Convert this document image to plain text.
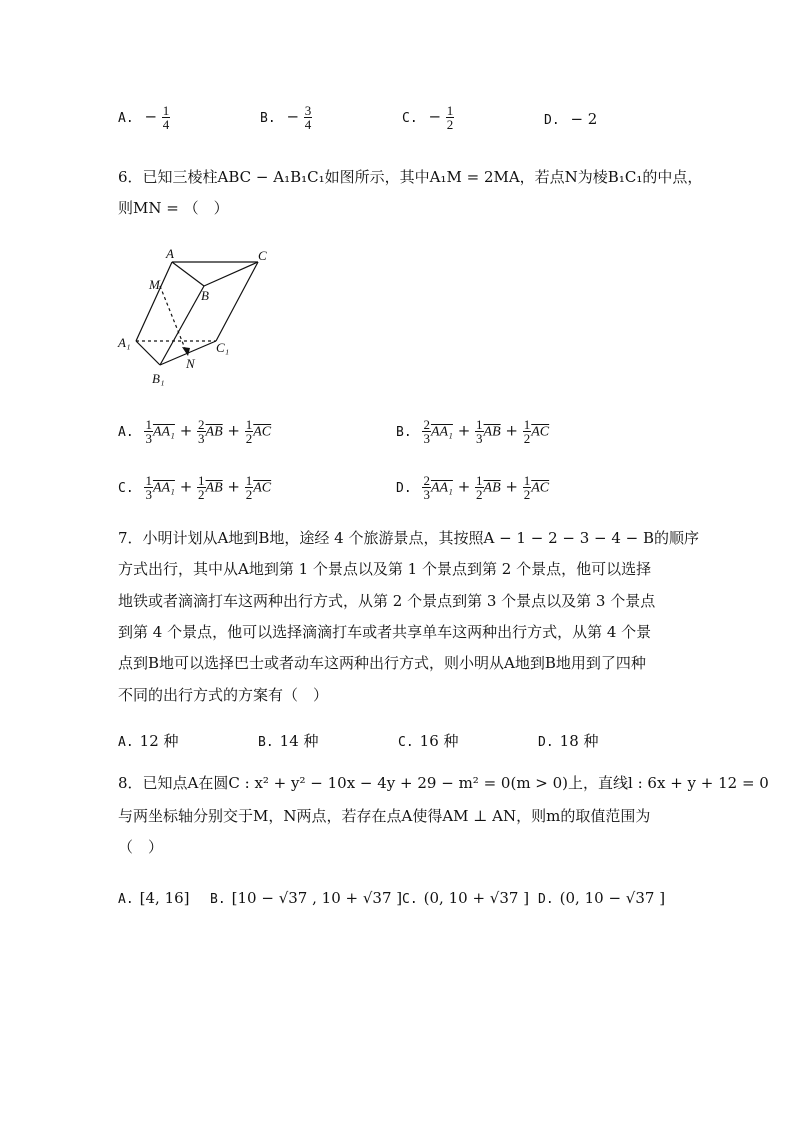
A. − $\frac{1}{4}$	B. − $\frac{3}{4}$	C. − $\frac{1}{2}$	D. − 2
6．已知三棱柱ABC − A₁B₁C₁如图所示，其中A₁M = 2MA，若点N为棱B₁C₁的中点，
则MN = （　）
A	C
B
M
A₁	C₁
N
B₁
A. $\frac{1}{3} AA_1 + \frac{2}{3} \overline{AB} + \frac{1}{2} \overline{AC}$	B. $\frac{2}{3} AA_1 + \frac{1}{3} \overline{AB} + \frac{1}{2} \overline{AC}$
C. $\frac{1}{3} AA_1 + \frac{1}{2} \overline{AB} + \frac{1}{2} \overline{AC}$	D. $\frac{2}{3} AA_1 + \frac{1}{2} \overline{AB} + \frac{1}{2} \overline{AC}$
7．小明计划从A地到B地，途经 4 个旅游景点，其按照A − 1 − 2 − 3 − 4 − B的顺序
方式出行，其中从A地到第 1 个景点以及第 1 个景点到第 2 个景点，他可以选择
地铁或者滴滴打车这两种出行方式，从第 2 个景点到第 3 个景点以及第 3 个景点
到第 4 个景点，他可以选择滴滴打车或者共享单车这两种出行方式，从第 4 个景
点到B地可以选择巴士或者动车这两种出行方式，则小明从A地到B地用到了四种
不同的出行方式的方案有（　）
A. 12 种	B. 14 种	C. 16 种	D. 18 种
8．已知点A在圆C : x² + y² − 10x − 4y + 29 − m² = 0(m > 0)上，直线l : 6x + y + 12 = 0
与两坐标轴分别交于M，N两点，若存在点A使得AM ⊥ AN，则m的取值范围为
（　）
A. [4, 16] B. [10 − √37 , 10 + √37 ] C. (0, 10 + √37 ] D. (0, 10 − √37 ]
